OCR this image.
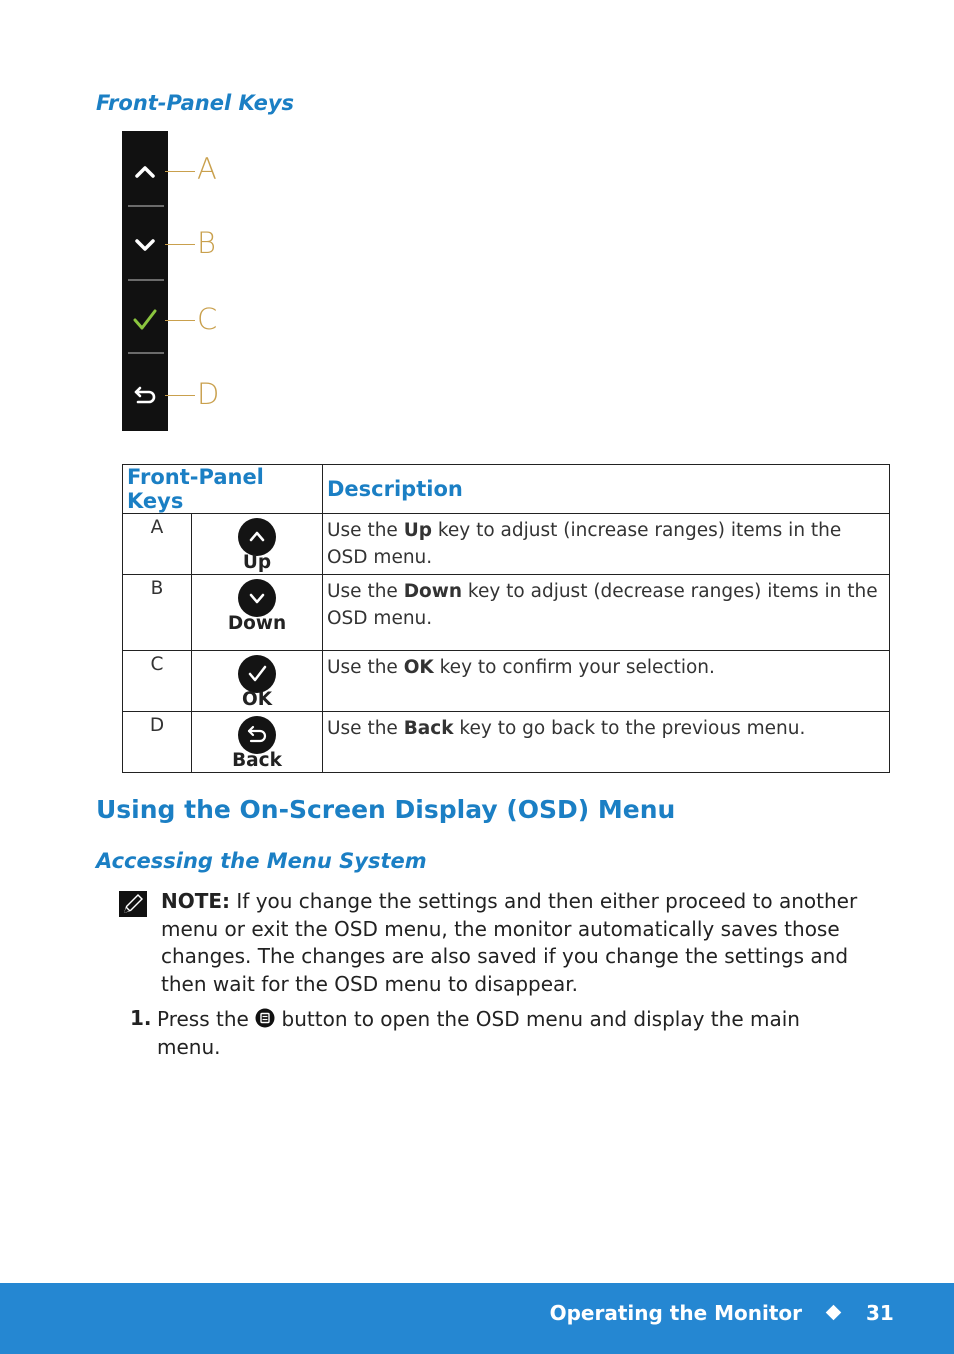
Front-Panel Keys
A
B
C
D
Front-Panel Keys		Description
A	Up	Use the Up key to adjust (increase ranges) items in the OSD menu.
B	Down	Use the Down key to adjust (decrease ranges) items in the OSD menu.
C	OK	Use the OK key to confirm your selection.
D	Back	Use the Back key to go back to the previous menu.
Using the On-Screen Display (OSD) Menu
Accessing the Menu System

NOTE: If you change the settings and then either proceed to another menu or exit the OSD menu, the monitor automatically saves those changes. The changes are also saved if you change the settings and then wait for the OSD menu to disappear.

1. Press the  button to open the OSD menu and display the main menu.

Operating the Monitor	31
